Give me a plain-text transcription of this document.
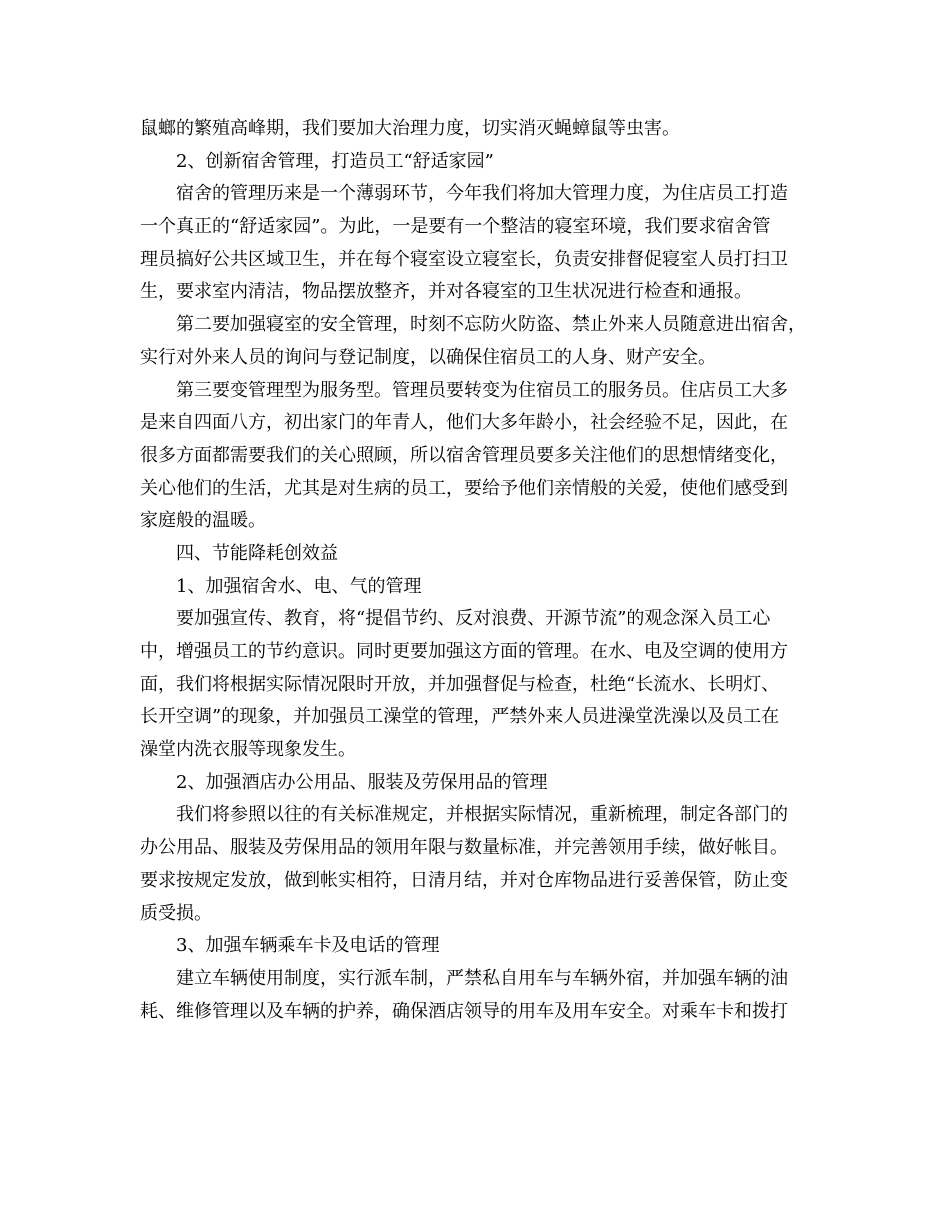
鼠螂的繁殖高峰期，我们要加大治理力度，切实消灭蝇蟑鼠等虫害。
2、创新宿舍管理，打造员工“舒适家园”
宿舍的管理历来是一个薄弱环节，今年我们将加大管理力度，为住店员工打造
一个真正的“舒适家园”。为此，一是要有一个整洁的寝室环境，我们要求宿舍管
理员搞好公共区域卫生，并在每个寝室设立寝室长，负责安排督促寝室人员打扫卫
生，要求室内清洁，物品摆放整齐，并对各寝室的卫生状况进行检查和通报。
第二要加强寝室的安全管理，时刻不忘防火防盗、禁止外来人员随意进出宿舍，
实行对外来人员的询问与登记制度，以确保住宿员工的人身、财产安全。
第三要变管理型为服务型。管理员要转变为住宿员工的服务员。住店员工大多
是来自四面八方，初出家门的年青人，他们大多年龄小，社会经验不足，因此，在
很多方面都需要我们的关心照顾，所以宿舍管理员要多关注他们的思想情绪变化，
关心他们的生活，尤其是对生病的员工，要给予他们亲情般的关爱，使他们感受到
家庭般的温暖。
四、节能降耗创效益
1、加强宿舍水、电、气的管理
要加强宣传、教育，将“提倡节约、反对浪费、开源节流”的观念深入员工心
中，增强员工的节约意识。同时更要加强这方面的管理。在水、电及空调的使用方
面，我们将根据实际情况限时开放，并加强督促与检查，杜绝“长流水、长明灯、
长开空调”的现象，并加强员工澡堂的管理，严禁外来人员进澡堂洗澡以及员工在
澡堂内洗衣服等现象发生。
2、加强酒店办公用品、服装及劳保用品的管理
我们将参照以往的有关标准规定，并根据实际情况，重新梳理，制定各部门的
办公用品、服装及劳保用品的领用年限与数量标准，并完善领用手续，做好帐目。
要求按规定发放，做到帐实相符，日清月结，并对仓库物品进行妥善保管，防止变
质受损。
3、加强车辆乘车卡及电话的管理
建立车辆使用制度，实行派车制，严禁私自用车与车辆外宿，并加强车辆的油
耗、维修管理以及车辆的护养，确保酒店领导的用车及用车安全。对乘车卡和拨打
